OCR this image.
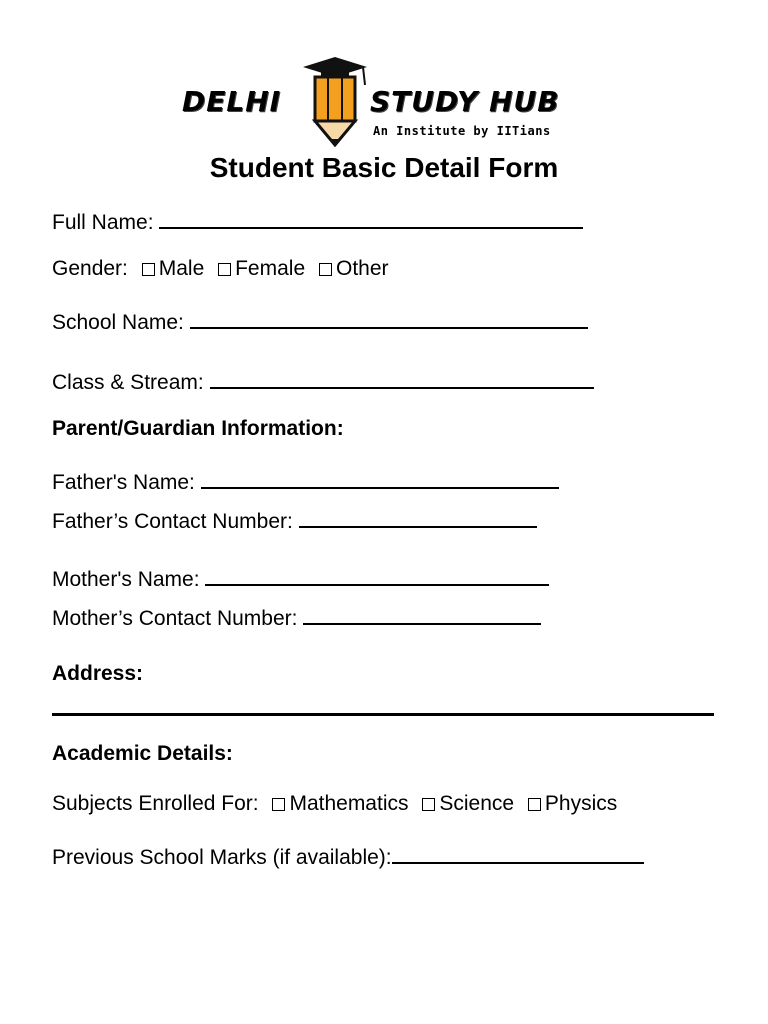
DELHI	STUDY HUB
An Institute by IITians
Student Basic Detail Form
Full Name:
Gender: Male Female Other
School Name:
Class & Stream:
Parent/Guardian Information:
Father's Name:
Father’s Contact Number:
Mother's Name:
Mother’s Contact Number:
Address:
Academic Details:
Subjects Enrolled For: Mathematics Science Physics
Previous School Marks (if available):
